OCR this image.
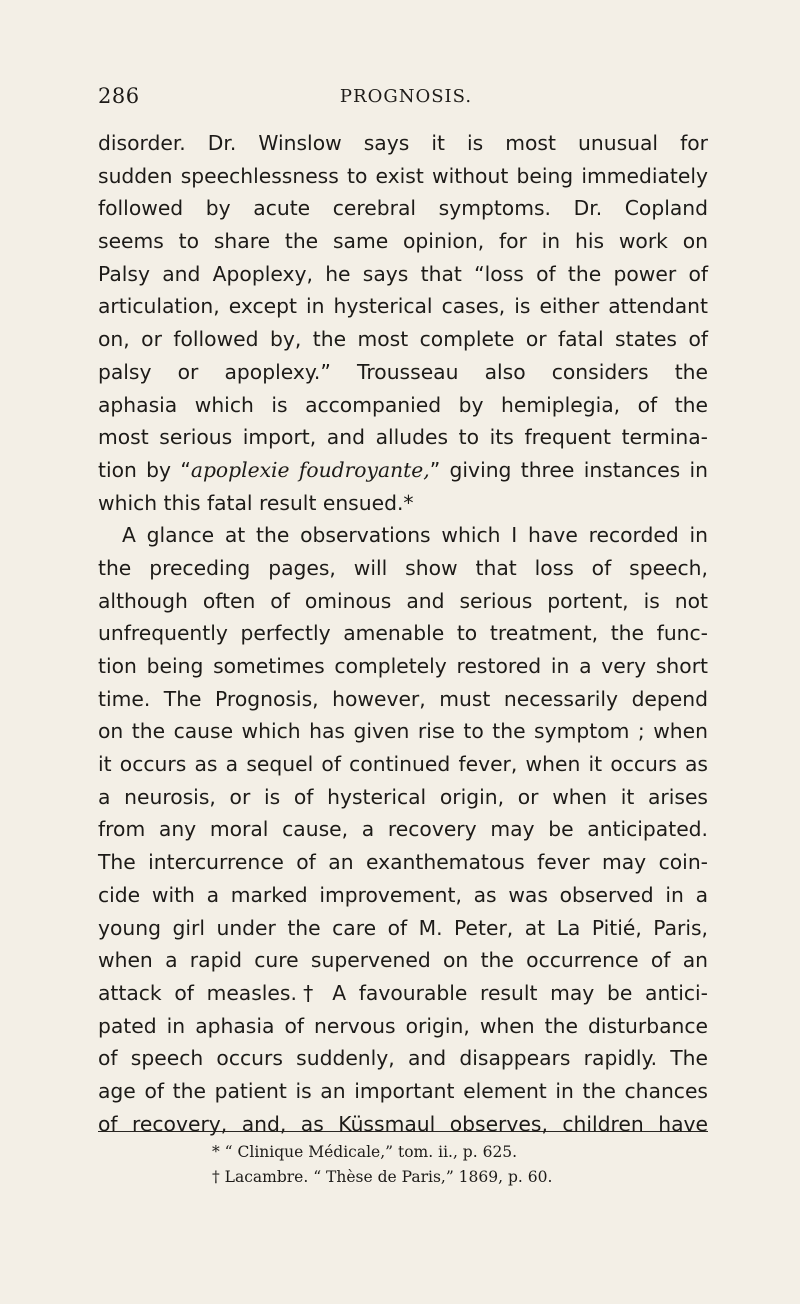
286	PROGNOSIS.
disorder. Dr. Winslow says it is most unusual for
sudden speechlessness to exist without being immediately
followed by acute cerebral symptoms. Dr. Copland
seems to share the same opinion, for in his work on
Palsy and Apoplexy, he says that “loss of the power of
articulation, except in hysterical cases, is either attendant
on, or followed by, the most complete or fatal states of
palsy or apoplexy.” Trousseau also considers the
aphasia which is accompanied by hemiplegia, of the
most serious import, and alludes to its frequent termina-
tion by “apoplexie foudroyante,” giving three instances in
which this fatal result ensued.*
A glance at the observations which I have recorded in
the preceding pages, will show that loss of speech,
although often of ominous and serious portent, is not
unfrequently perfectly amenable to treatment, the func-
tion being sometimes completely restored in a very short
time. The Prognosis, however, must necessarily depend
on the cause which has given rise to the symptom ; when
it occurs as a sequel of continued fever, when it occurs as
a neurosis, or is of hysterical origin, or when it arises
from any moral cause, a recovery may be anticipated.
The intercurrence of an exanthematous fever may coin-
cide with a marked improvement, as was observed in a
young girl under the care of M. Peter, at La Pitié, Paris,
when a rapid cure supervened on the occurrence of an
attack of measles.† A favourable result may be antici-
pated in aphasia of nervous origin, when the disturbance
of speech occurs suddenly, and disappears rapidly. The
age of the patient is an important element in the chances
of recovery, and, as Küssmaul observes, children have
* “ Clinique Médicale,” tom. ii., p. 625.
† Lacambre. “ Thèse de Paris,” 1869, p. 60.
